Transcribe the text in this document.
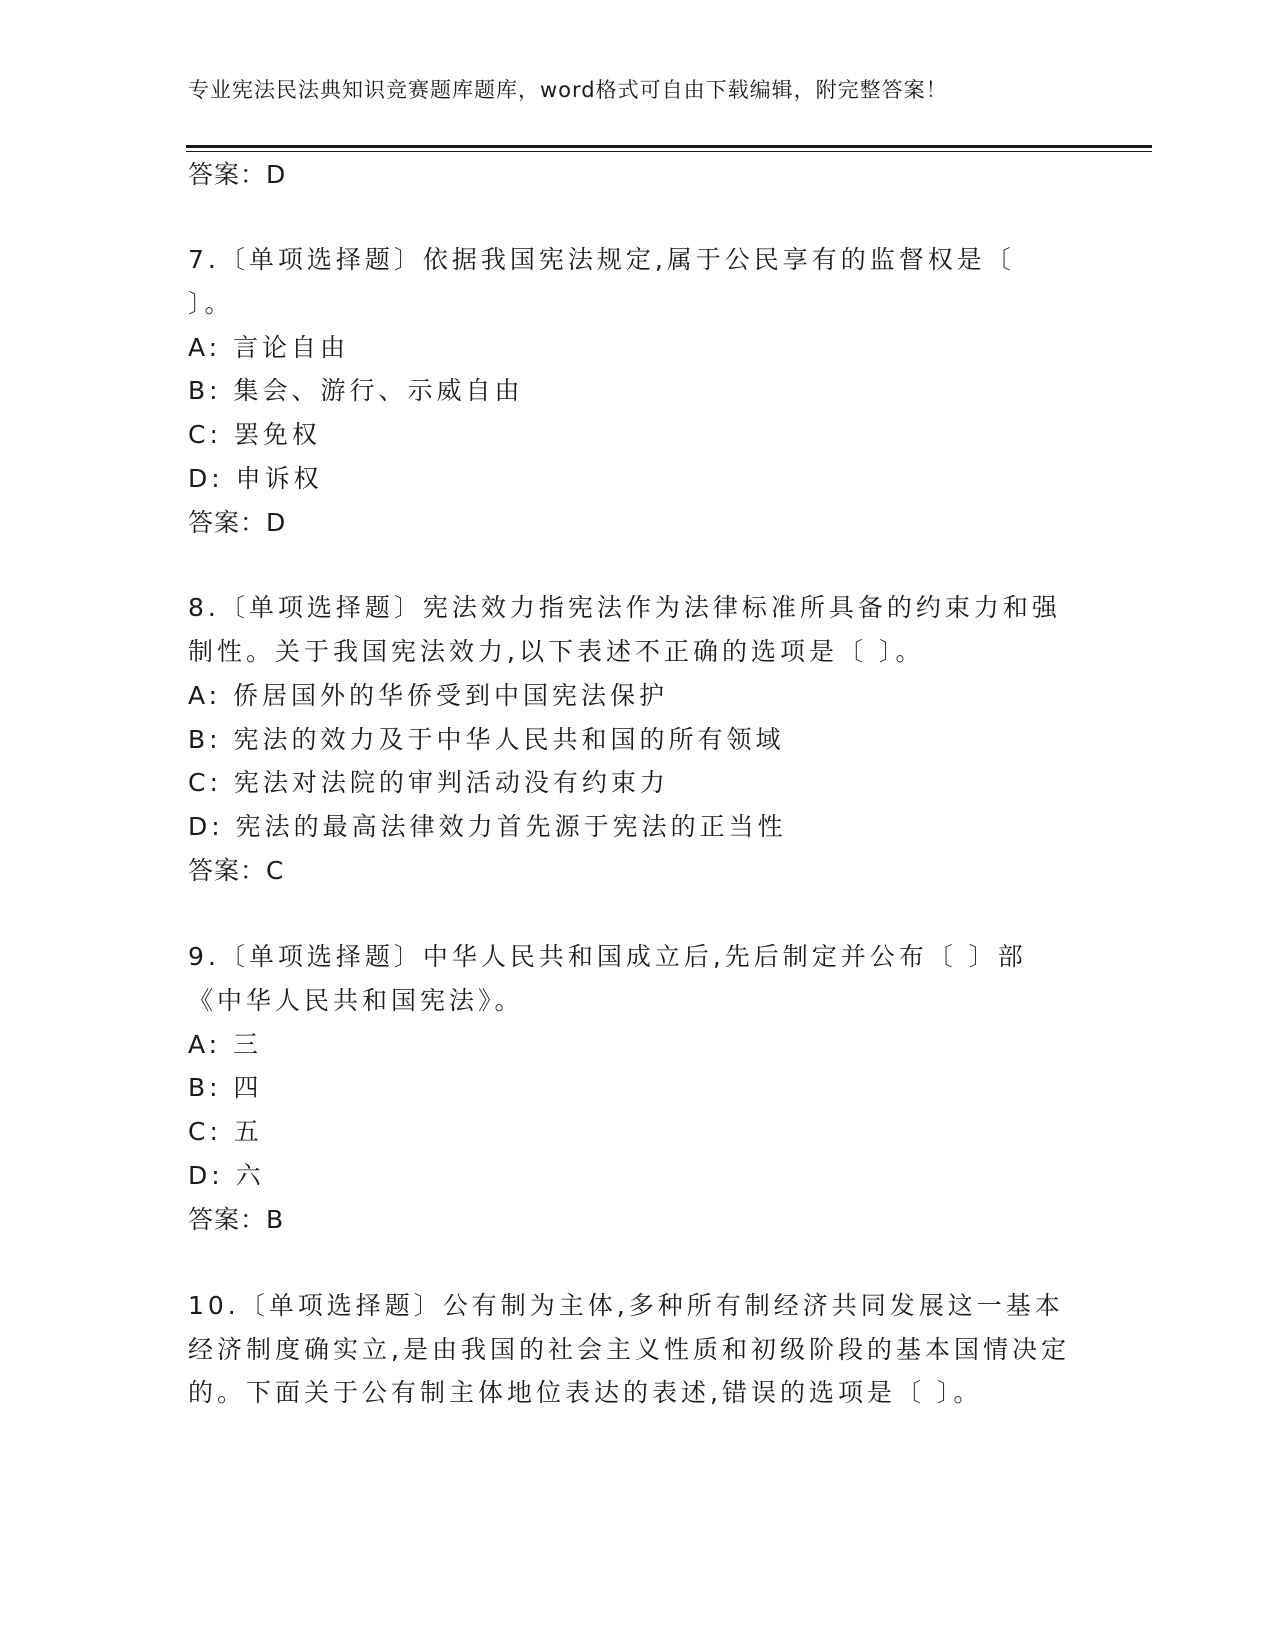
专业宪法民法典知识竞赛题库题库，word格式可自由下载编辑，附完整答案！
答案：D
7.〔单项选择题〕依据我国宪法规定,属于公民享有的监督权是〔
〕。
A: 言论自由
B: 集会、游行、示威自由
C: 罢免权
D: 申诉权
答案：D
8.〔单项选择题〕宪法效力指宪法作为法律标准所具备的约束力和强
制性。关于我国宪法效力,以下表述不正确的选项是〔 〕。
A: 侨居国外的华侨受到中国宪法保护
B: 宪法的效力及于中华人民共和国的所有领域
C: 宪法对法院的审判活动没有约束力
D: 宪法的最高法律效力首先源于宪法的正当性
答案：C
9.〔单项选择题〕中华人民共和国成立后,先后制定并公布〔 〕部
《中华人民共和国宪法》。
A: 三
B: 四
C: 五
D: 六
答案：B
10.〔单项选择题〕公有制为主体,多种所有制经济共同发展这一基本
经济制度确实立,是由我国的社会主义性质和初级阶段的基本国情决定
的。下面关于公有制主体地位表达的表述,错误的选项是〔 〕。
